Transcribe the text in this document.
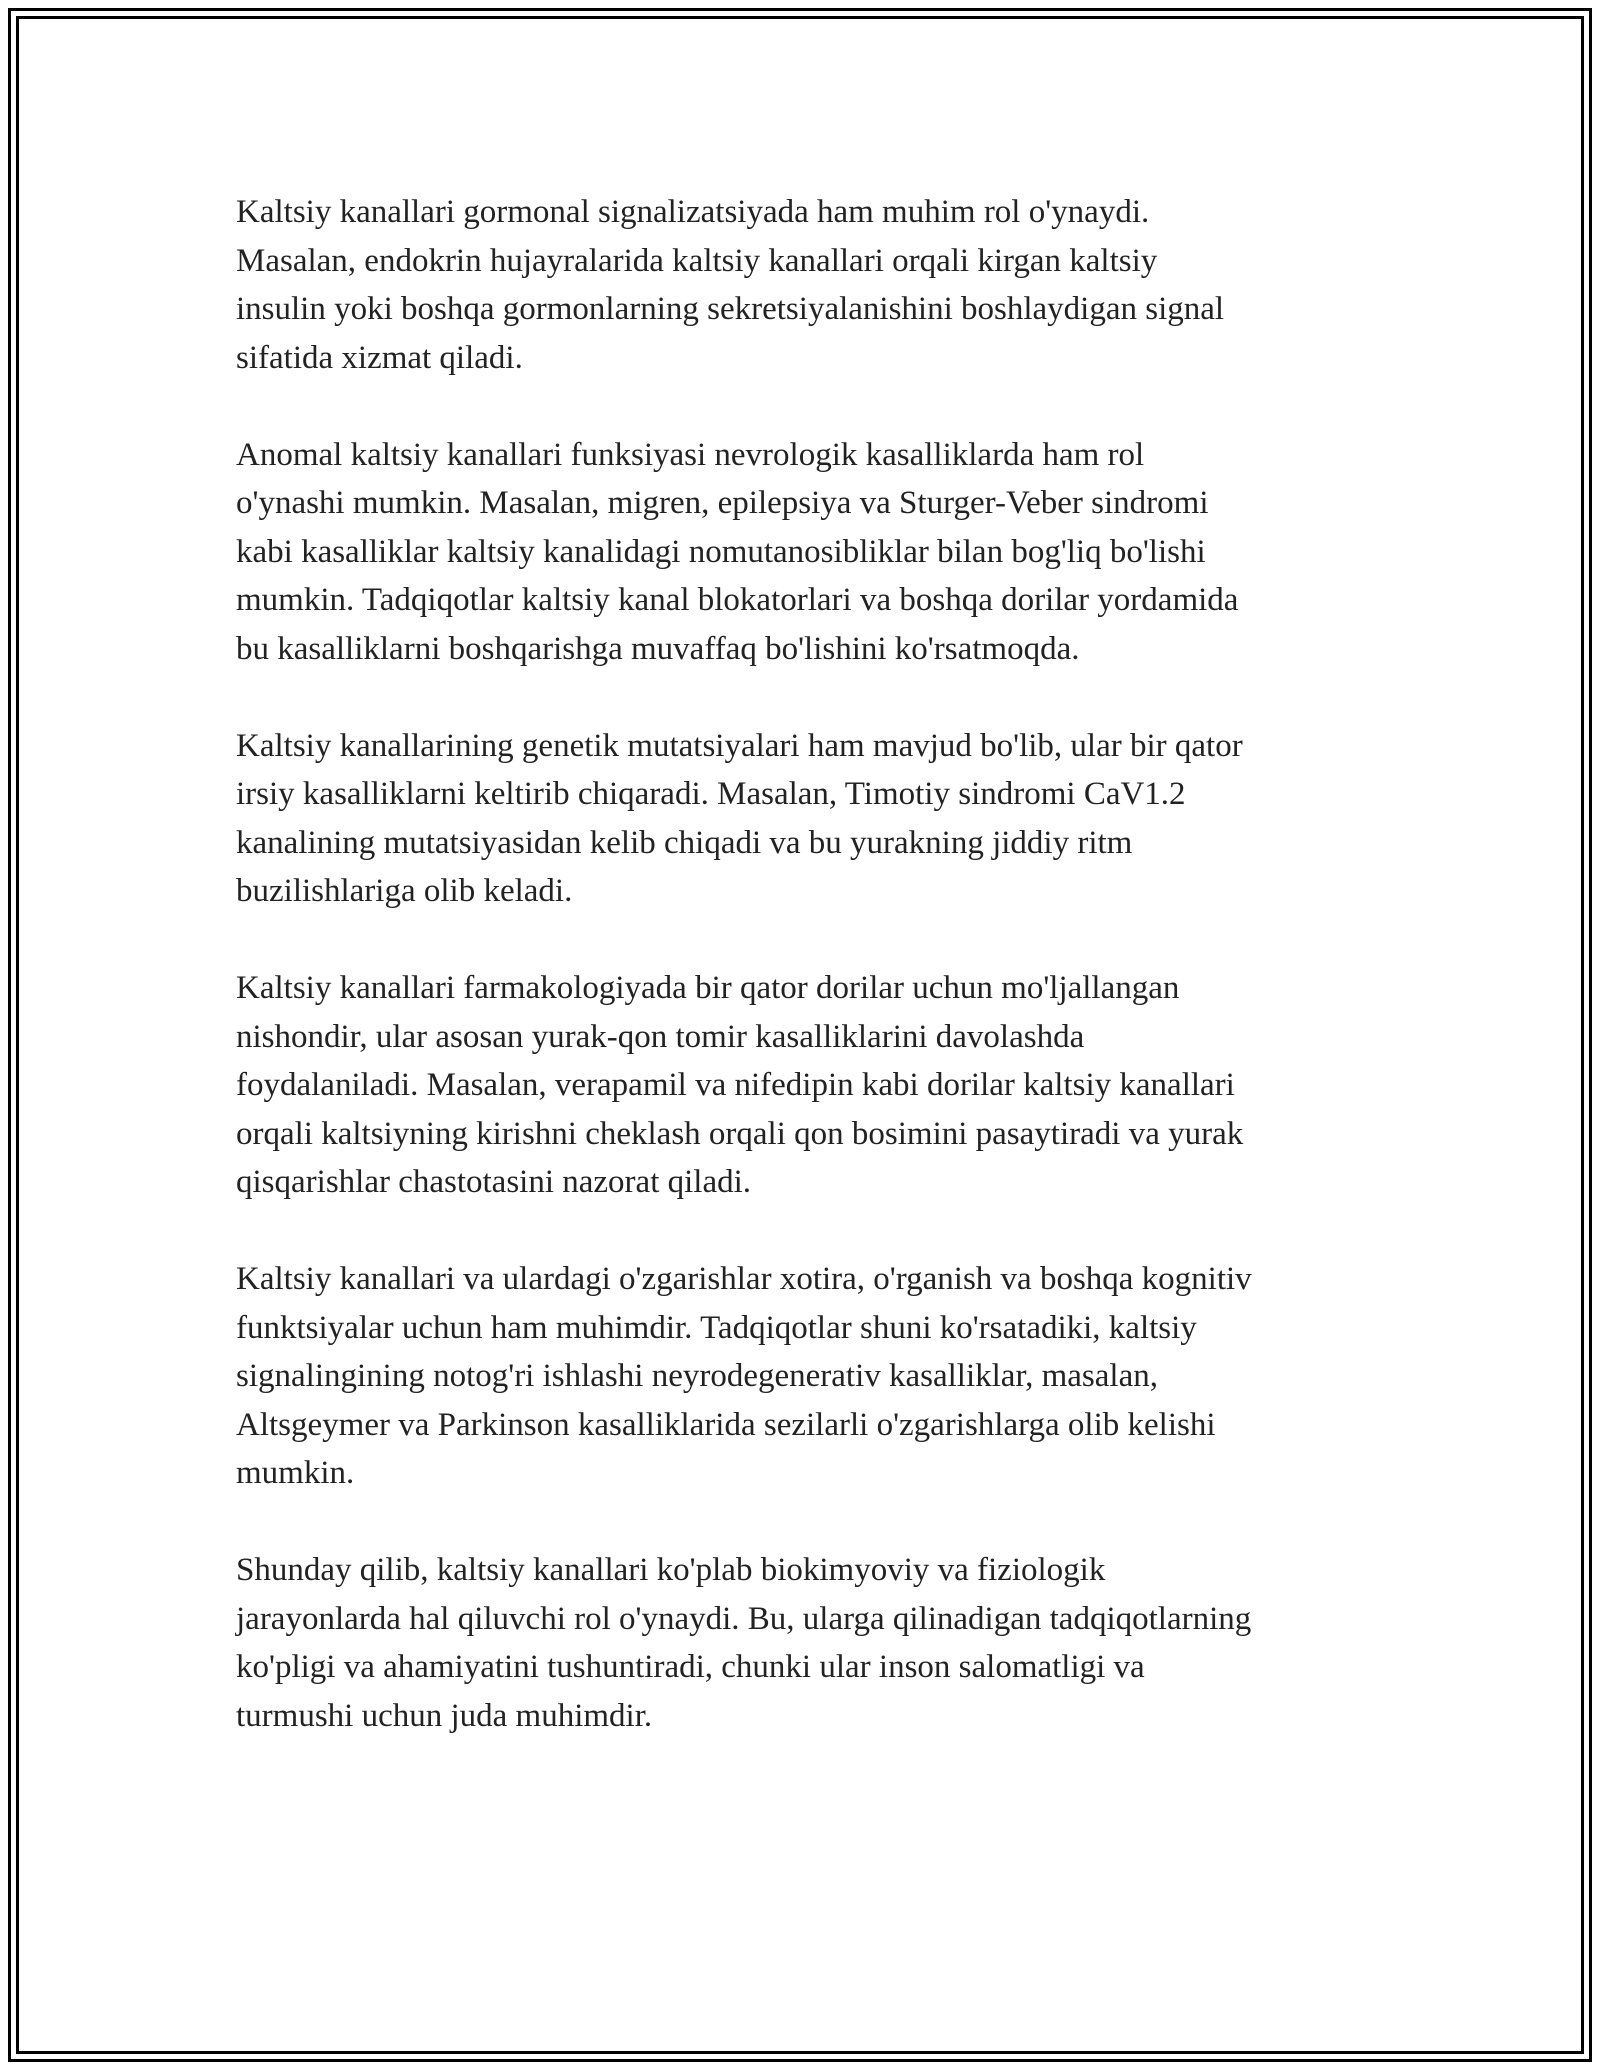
Kaltsiy kanallari gormonal signalizatsiyada ham muhim rol o'ynaydi.
Masalan, endokrin hujayralarida kaltsiy kanallari orqali kirgan kaltsiy
insulin yoki boshqa gormonlarning sekretsiyalanishini boshlaydigan signal
sifatida xizmat qiladi.

Anomal kaltsiy kanallari funksiyasi nevrologik kasalliklarda ham rol
o'ynashi mumkin. Masalan, migren, epilepsiya va Sturger-Veber sindromi
kabi kasalliklar kaltsiy kanalidagi nomutanosibliklar bilan bog'liq bo'lishi
mumkin. Tadqiqotlar kaltsiy kanal blokatorlari va boshqa dorilar yordamida
bu kasalliklarni boshqarishga muvaffaq bo'lishini ko'rsatmoqda.

Kaltsiy kanallarining genetik mutatsiyalari ham mavjud bo'lib, ular bir qator
irsiy kasalliklarni keltirib chiqaradi. Masalan, Timotiy sindromi CaV1.2
kanalining mutatsiyasidan kelib chiqadi va bu yurakning jiddiy ritm
buzilishlariga olib keladi.

Kaltsiy kanallari farmakologiyada bir qator dorilar uchun mo'ljallangan
nishondir, ular asosan yurak-qon tomir kasalliklarini davolashda
foydalaniladi. Masalan, verapamil va nifedipin kabi dorilar kaltsiy kanallari
orqali kaltsiyning kirishni cheklash orqali qon bosimini pasaytiradi va yurak
qisqarishlar chastotasini nazorat qiladi.

Kaltsiy kanallari va ulardagi o'zgarishlar xotira, o'rganish va boshqa kognitiv
funktsiyalar uchun ham muhimdir. Tadqiqotlar shuni ko'rsatadiki, kaltsiy
signalingining notog'ri ishlashi neyrodegenerativ kasalliklar, masalan,
Altsgeymer va Parkinson kasalliklarida sezilarli o'zgarishlarga olib kelishi
mumkin.

Shunday qilib, kaltsiy kanallari ko'plab biokimyoviy va fiziologik
jarayonlarda hal qiluvchi rol o'ynaydi. Bu, ularga qilinadigan tadqiqotlarning
ko'pligi va ahamiyatini tushuntiradi, chunki ular inson salomatligi va
turmushi uchun juda muhimdir.
